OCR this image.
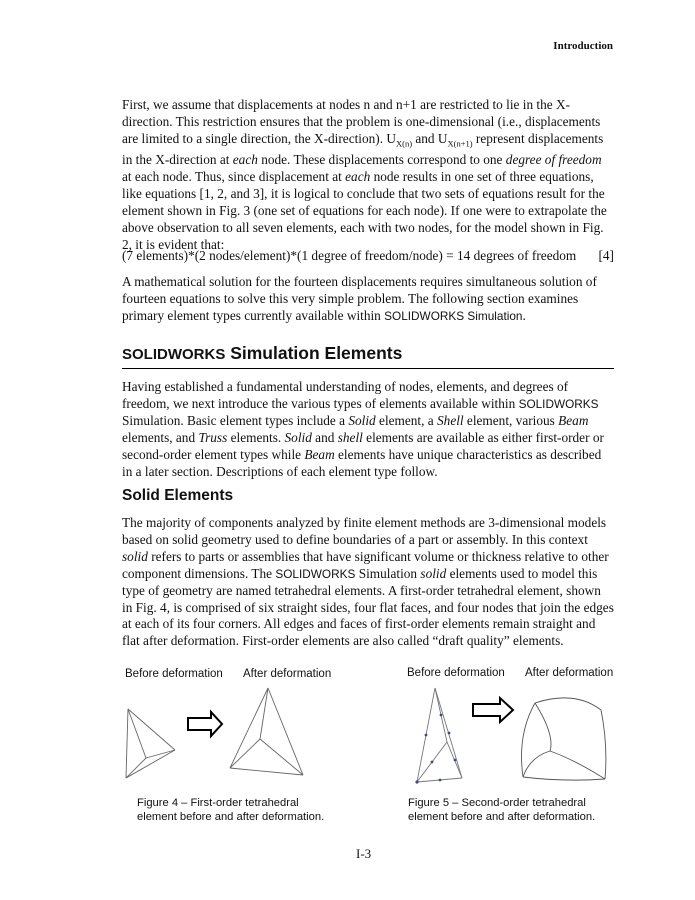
Introduction

First, we assume that displacements at nodes n and n+1 are restricted to lie in the X-direction. This restriction ensures that the problem is one-dimensional (i.e., displacements are limited to a single direction, the X-direction). $U_{X(n)}$ and $U_{X(n+1)}$ represent displacements in the X-direction at each node. These displacements correspond to one degree of freedom at each node. Thus, since displacement at each node results in one set of three equations, like equations [1, 2, and 3], it is logical to conclude that two sets of equations result for the element shown in Fig. 3 (one set of equations for each node). If one were to extrapolate the above observation to all seven elements, each with two nodes, for the model shown in Fig. 2, it is evident that:

(7 elements)*(2 nodes/element)*(1 degree of freedom/node) = 14 degrees of freedom [4]

A mathematical solution for the fourteen displacements requires simultaneous solution of fourteen equations to solve this very simple problem. The following section examines primary element types currently available within SOLIDWORKS Simulation.

SOLIDWORKS Simulation Elements

Having established a fundamental understanding of nodes, elements, and degrees of freedom, we next introduce the various types of elements available within SOLIDWORKS Simulation. Basic element types include a Solid element, a Shell element, various Beam elements, and Truss elements. Solid and shell elements are available as either first-order or second-order element types while Beam elements have unique characteristics as described in a later section. Descriptions of each element type follow.

Solid Elements

The majority of components analyzed by finite element methods are 3-dimensional models based on solid geometry used to define boundaries of a part or assembly. In this context solid refers to parts or assemblies that have significant volume or thickness relative to other component dimensions. The SOLIDWORKS Simulation solid elements used to model this type of geometry are named tetrahedral elements. A first-order tetrahedral element, shown in Fig. 4, is comprised of six straight sides, four flat faces, and four nodes that join the edges at each of its four corners. All edges and faces of first-order elements remain straight and flat after deformation. First-order elements are also called “draft quality” elements.

Before deformation After deformation
Figure 4 – First-order tetrahedral
element before and after deformation.
Before deformation After deformation
Figure 5 – Second-order tetrahedral
element before and after deformation.
I-3
